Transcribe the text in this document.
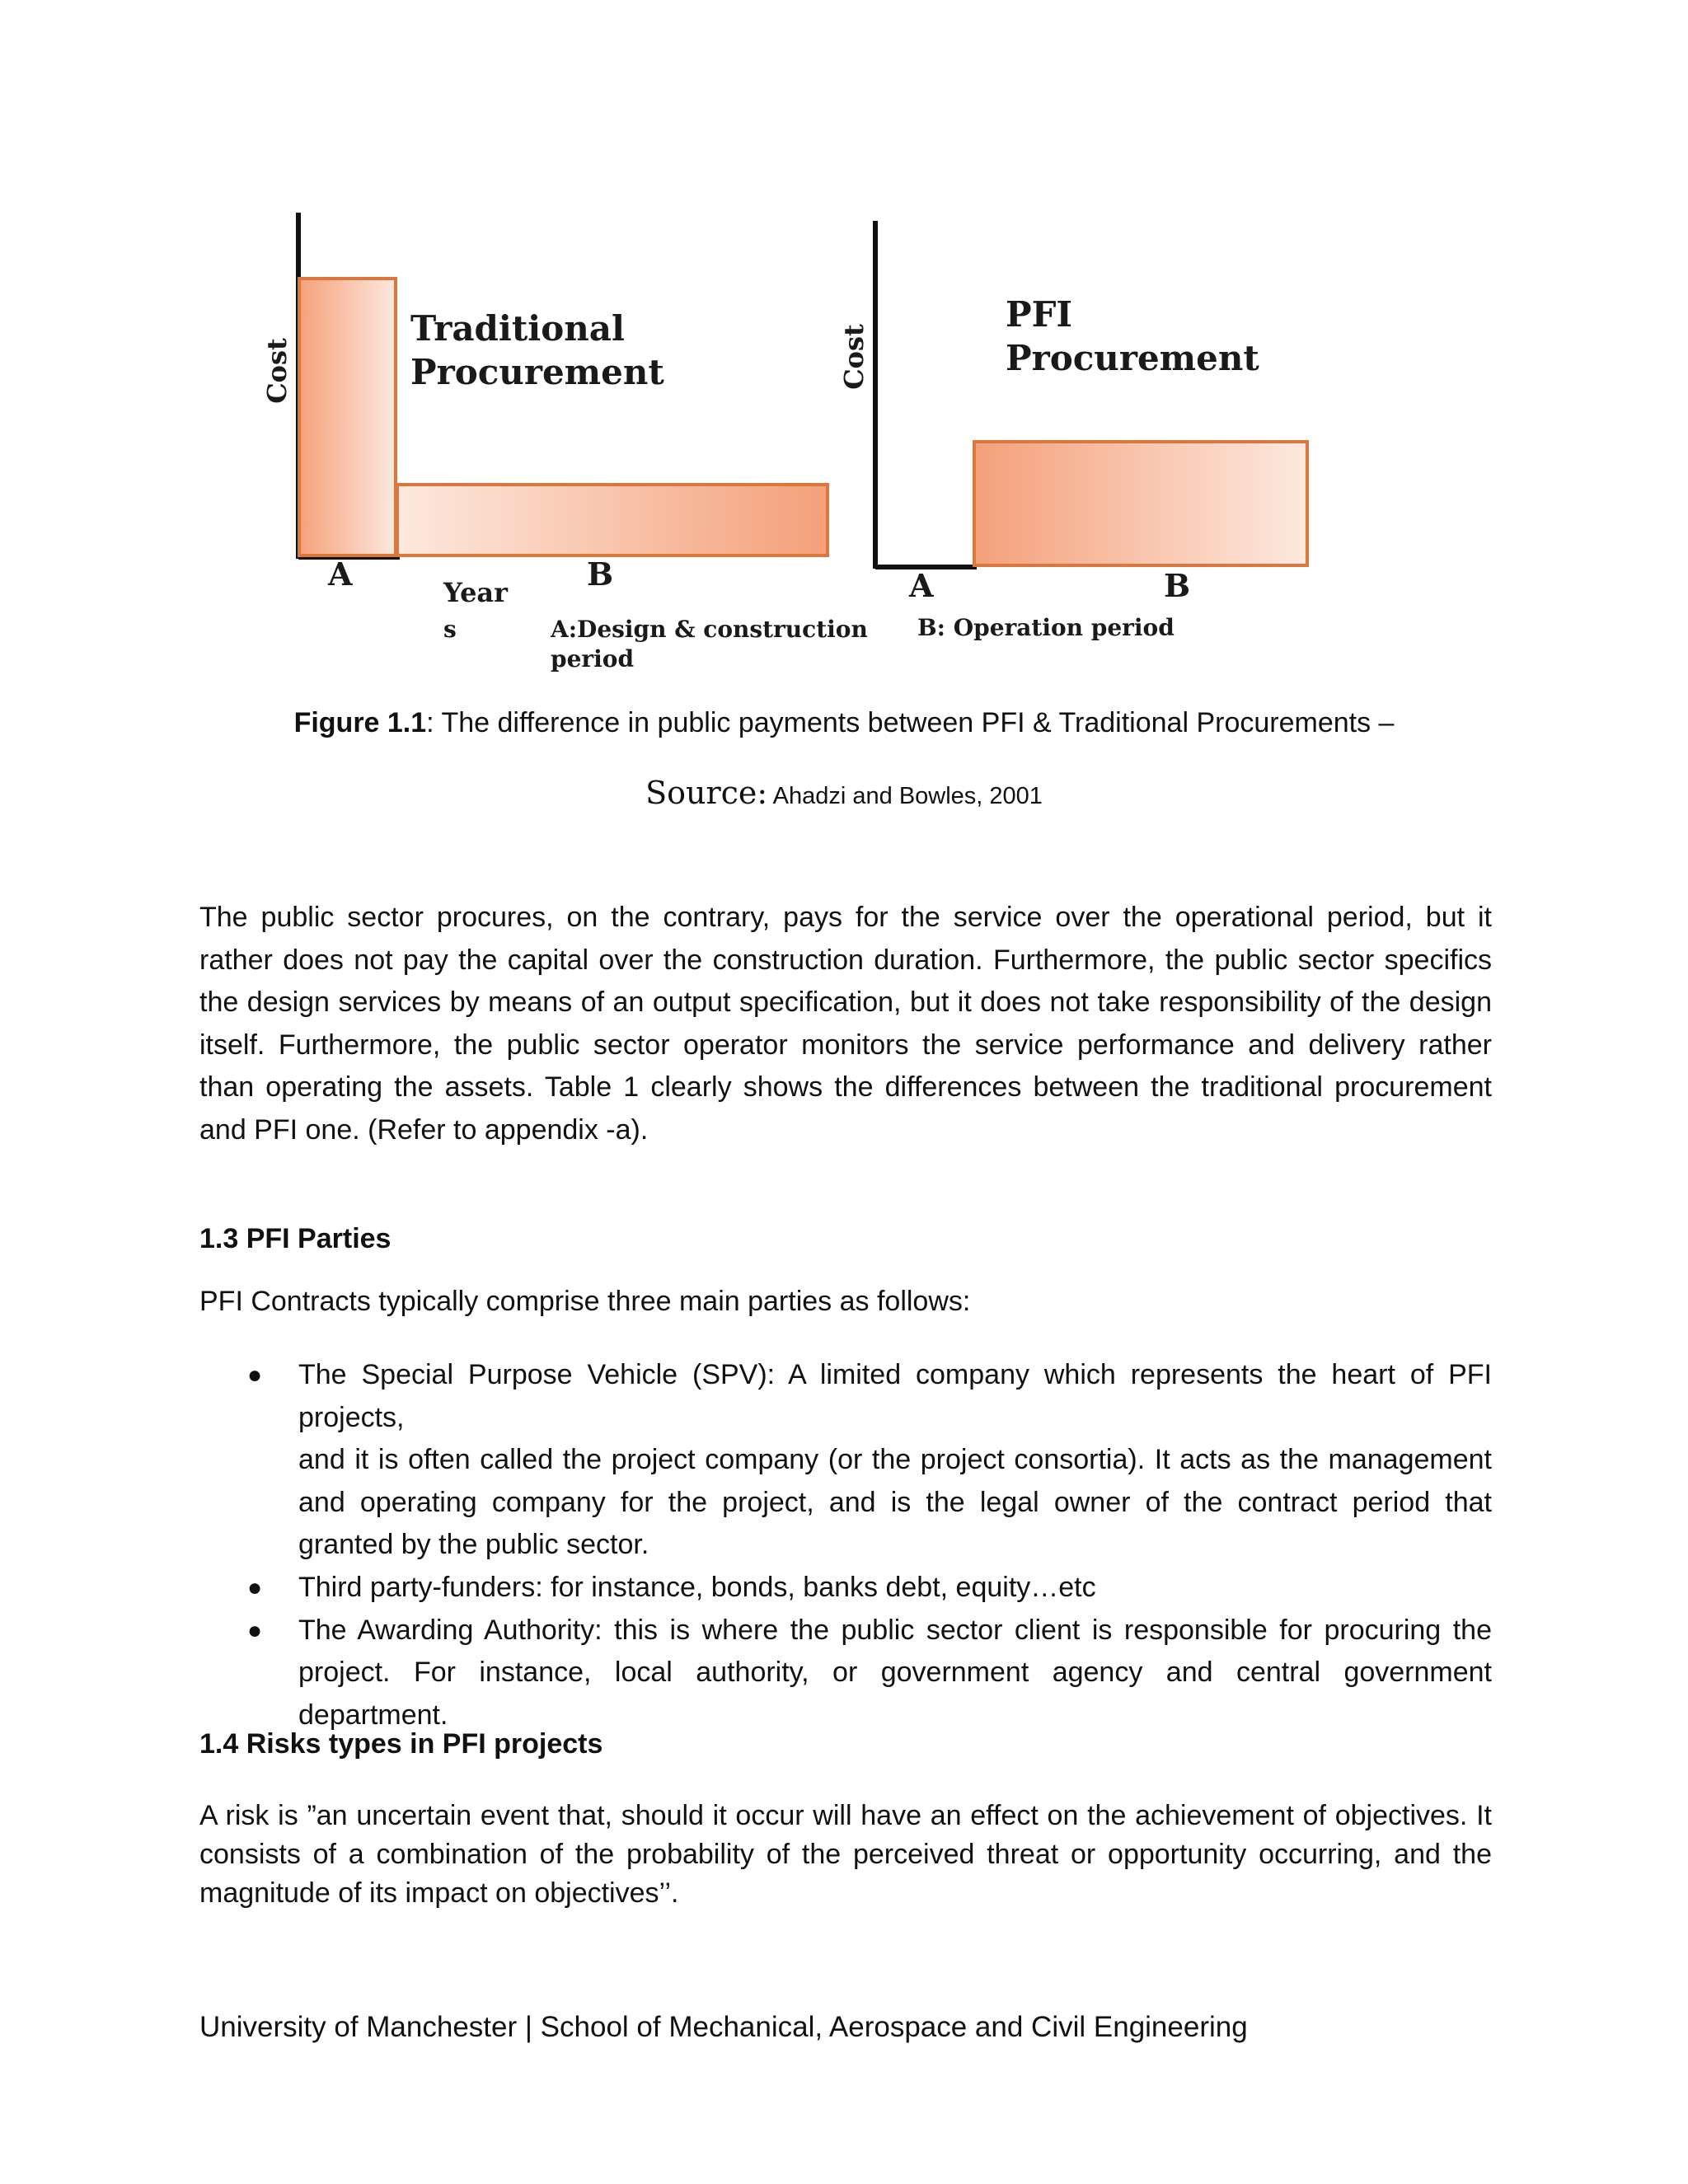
Cost
Traditional
Procurement
A	B
Year
s	A:Design & construction
period
Cost
PFI
Procurement
A	B
B: Operation period
Figure 1.1: The difference in public payments between PFI & Traditional Procurements –
Source: Ahadzi and Bowles, 2001
The public sector procures, on the contrary, pays for the service over the operational period, but it
rather does not pay the capital over the construction duration. Furthermore, the public sector specifics
the design services by means of an output specification, but it does not take responsibility of the design
itself. Furthermore, the public sector operator monitors the service performance and delivery rather
than operating the assets. Table 1 clearly shows the differences between the traditional procurement
and PFI one. (Refer to appendix -a).
1.3 PFI Parties
PFI Contracts typically comprise three main parties as follows:
● The Special Purpose Vehicle (SPV): A limited company which represents the heart of PFI projects,
and it is often called the project company (or the project consortia). It acts as the management
and operating company for the project, and is the legal owner of the contract period that
granted by the public sector.
● Third party-funders: for instance, bonds, banks debt, equity…etc
● The Awarding Authority: this is where the public sector client is responsible for procuring the
project. For instance, local authority, or government agency and central government
department.
1.4 Risks types in PFI projects
A risk is ”an uncertain event that, should it occur will have an effect on the achievement of objectives. It
consists of a combination of the probability of the perceived threat or opportunity occurring, and the
magnitude of its impact on objectives’’.
University of Manchester | School of Mechanical, Aerospace and Civil Engineering
